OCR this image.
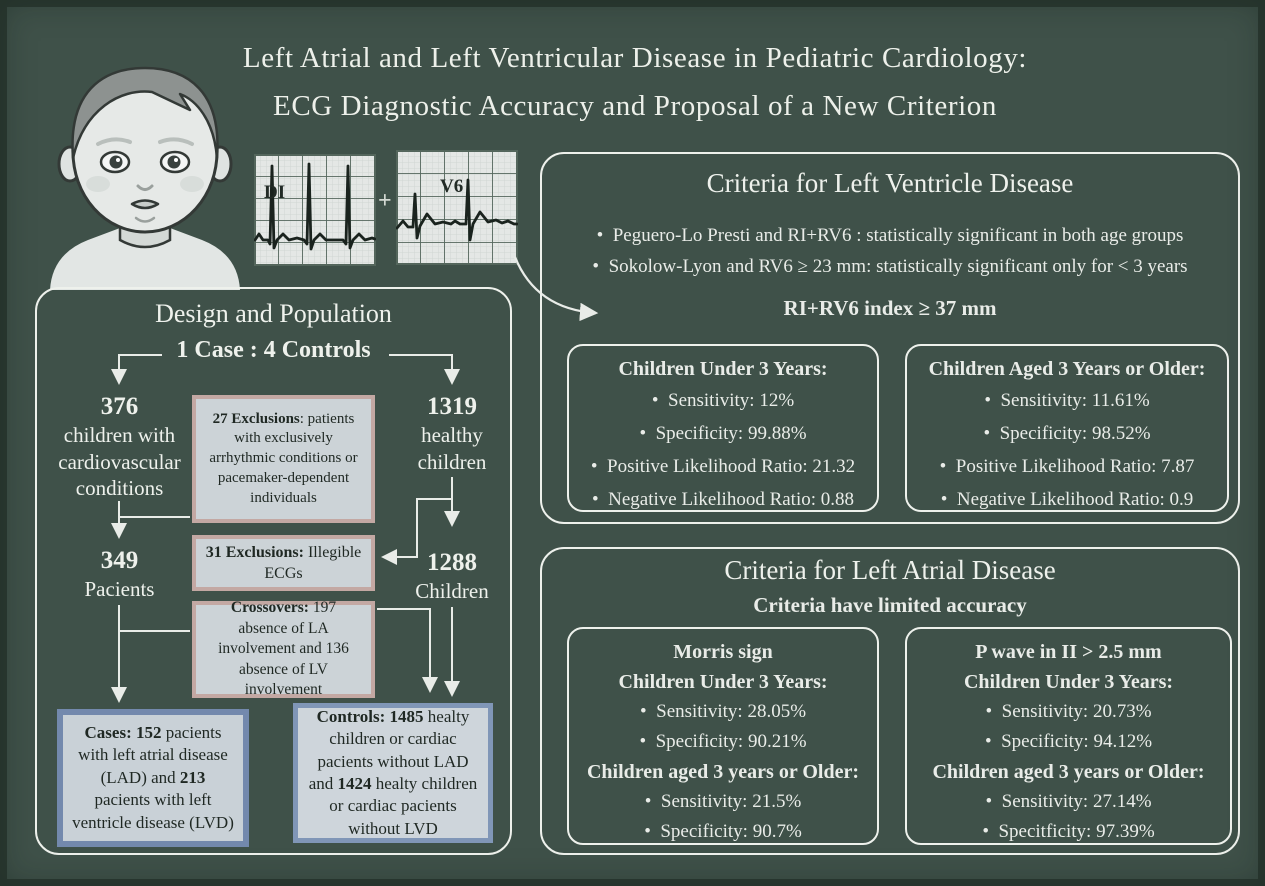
Left Atrial and Left Ventricular Disease in Pediatric Cardiology:
ECG Diagnostic Accuracy and Proposal of a New Criterion
DI	+
V6
Design and Population
1 Case : 4 Controls
376
children with cardiovascular conditions
27 Exclusions: patients with exclusively arrhythmic conditions or pacemaker-dependent individuals
1319
healthy children
349
Pacients
31 Exclusions: Illegible ECGs	1288
Children
Crossovers: 197 absence of LA involvement and 136 absence of LV involvement
Cases: 152 pacients with left atrial disease (LAD) and 213 pacients with left ventricle disease (LVD)
Controls: 1485 healty children or cardiac pacients without LAD and 1424 healty children or cardiac pacients without LVD
Criteria for Left Ventricle Disease
•  Peguero-Lo Presti and RI+RV6 : statistically significant in both age groups
•  Sokolow-Lyon and RV6 ≥ 23 mm: statistically significant only for < 3 years
RI+RV6 index ≥ 37 mm
Children Under 3 Years:
•  Sensitivity: 12%
•  Specificity: 99.88%
•  Positive Likelihood Ratio: 21.32
•  Negative Likelihood Ratio: 0.88
Children Aged 3 Years or Older:
•  Sensitivity: 11.61%
•  Specificity: 98.52%
•  Positive Likelihood Ratio: 7.87
•  Negative Likelihood Ratio: 0.9
Criteria for Left Atrial Disease
Criteria have limited accuracy
Morris sign
Children Under 3 Years:
•  Sensitivity: 28.05%
•  Specificity: 90.21%
Children aged 3 years or Older:
•  Sensitivity: 21.5%
•  Specificity: 90.7%
P wave in II > 2.5 mm
Children Under 3 Years:
•  Sensitivity: 20.73%
•  Specificity: 94.12%
Children aged 3 years or Older:
•  Sensitivity: 27.14%
•  Specitficity: 97.39%
